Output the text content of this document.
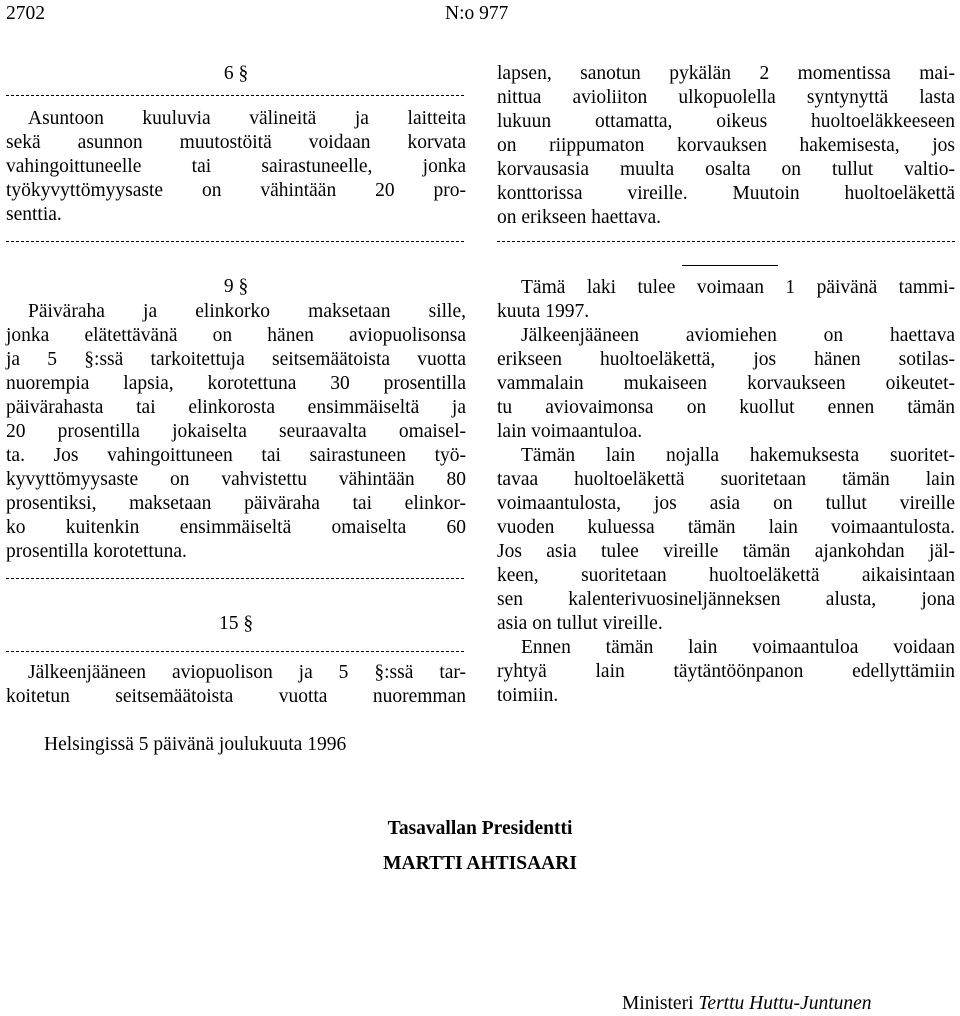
2702	N:o 977
6 §
Asuntoon kuuluvia välineitä ja laitteita
sekä asunnon muutostöitä voidaan korvata
vahingoittuneelle tai sairastuneelle, jonka
työkyvyttömyysaste on vähintään 20 pro-
senttia.
9 §
Päiväraha ja elinkorko maksetaan sille,
jonka elätettävänä on hänen aviopuolisonsa
ja 5 §:ssä tarkoitettuja seitsemäätoista vuotta
nuorempia lapsia, korotettuna 30 prosentilla
päivärahasta tai elinkorosta ensimmäiseltä ja
20 prosentilla jokaiselta seuraavalta omaisel-
ta. Jos vahingoittuneen tai sairastuneen työ-
kyvyttömyysaste on vahvistettu vähintään 80
prosentiksi, maksetaan päiväraha tai elinkor-
ko kuitenkin ensimmäiseltä omaiselta 60
prosentilla korotettuna.
15 §
Jälkeenjääneen aviopuolison ja 5 §:ssä tar-
koitetun seitsemäätoista vuotta nuoremman
lapsen, sanotun pykälän 2 momentissa mai-
nittua avioliiton ulkopuolella syntynyttä lasta
lukuun ottamatta, oikeus huoltoeläkkeeseen
on riippumaton korvauksen hakemisesta, jos
korvausasia muulta osalta on tullut valtio-
konttorissa vireille. Muutoin huoltoeläkettä
on erikseen haettava.
Tämä laki tulee voimaan 1 päivänä tammi-
kuuta 1997.
Jälkeenjääneen aviomiehen on haettava
erikseen huoltoeläkettä, jos hänen sotilas-
vammalain mukaiseen korvaukseen oikeutet-
tu aviovaimonsa on kuollut ennen tämän
lain voimaantuloa.
Tämän lain nojalla hakemuksesta suoritet-
tavaa huoltoeläkettä suoritetaan tämän lain
voimaantulosta, jos asia on tullut vireille
vuoden kuluessa tämän lain voimaantulosta.
Jos asia tulee vireille tämän ajankohdan jäl-
keen, suoritetaan huoltoeläkettä aikaisintaan
sen kalenterivuosineljänneksen alusta, jona
asia on tullut vireille.
Ennen tämän lain voimaantuloa voidaan
ryhtyä lain täytäntöönpanon edellyttämiin
toimiin.
Helsingissä 5 päivänä joulukuuta 1996
Tasavallan Presidentti
MARTTI AHTISAARI
Ministeri Terttu Huttu-Juntunen
